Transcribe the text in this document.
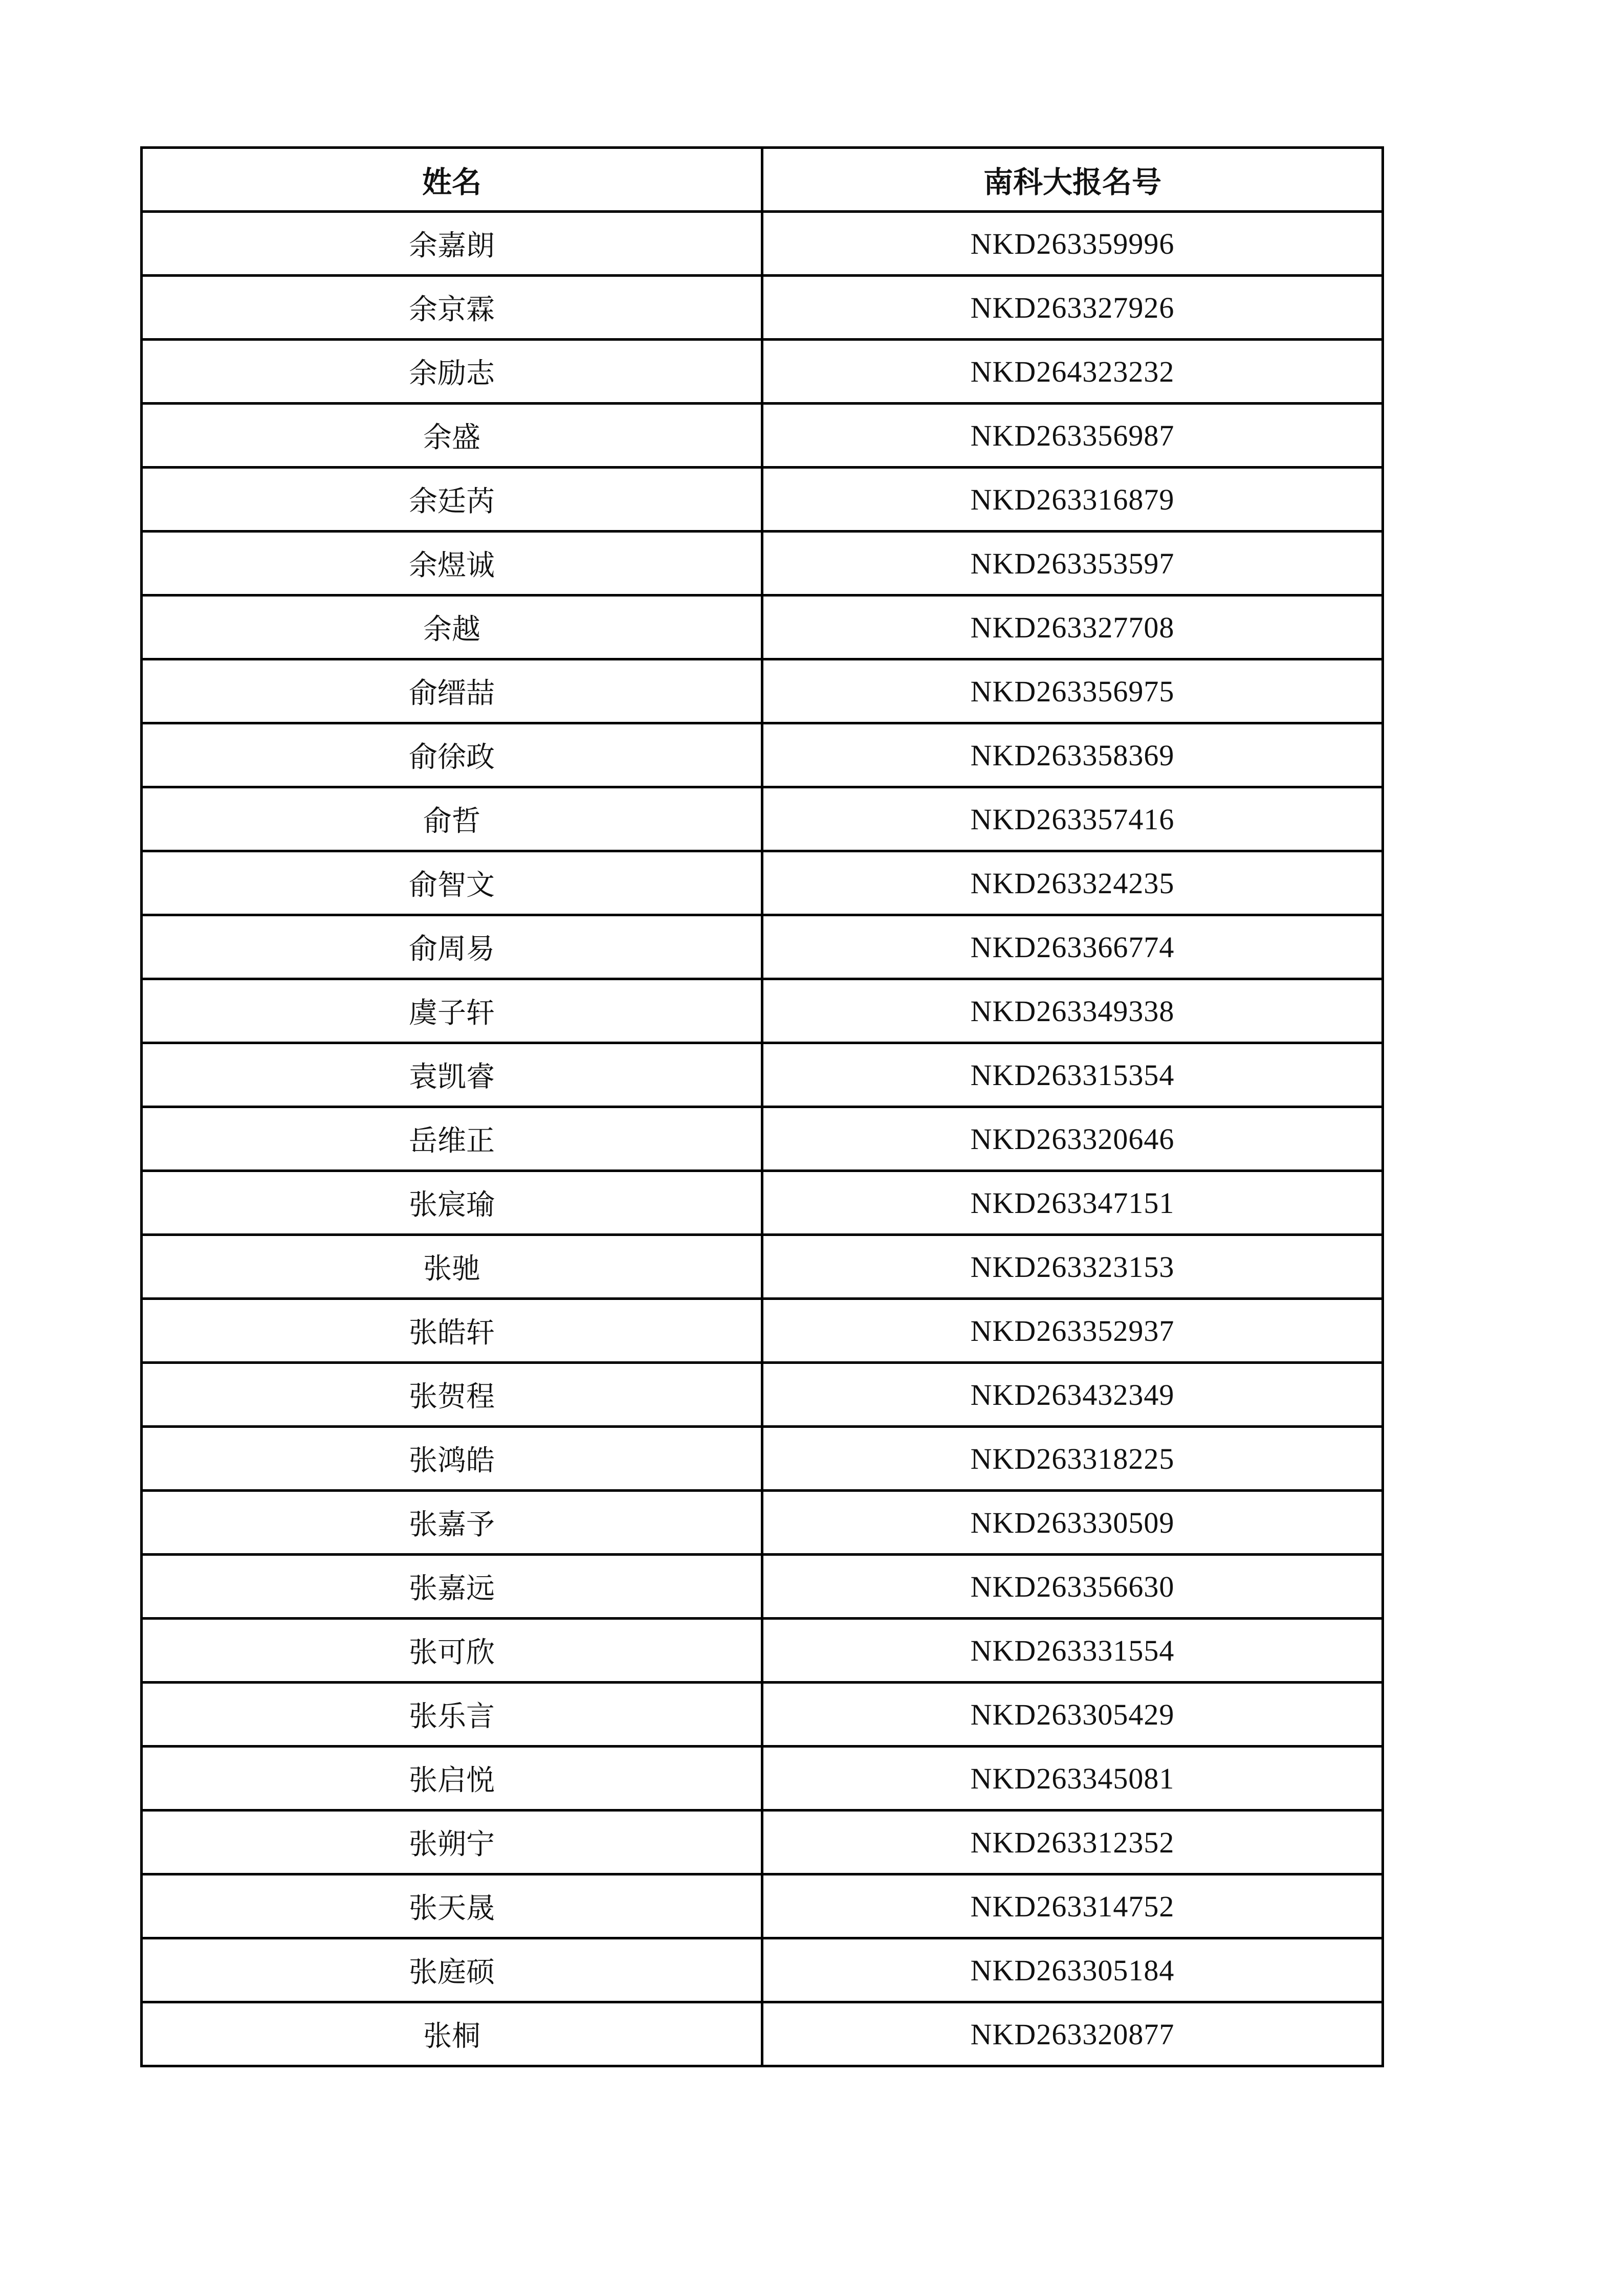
姓名	南科大报名号
余嘉朗	NKD263359996
余京霖	NKD263327926
余励志	NKD264323232
余盛	NKD263356987
余廷芮	NKD263316879
余煜诚	NKD263353597
余越	NKD263327708
俞缙喆	NKD263356975
俞徐政	NKD263358369
俞哲	NKD263357416
俞智文	NKD263324235
俞周易	NKD263366774
虞子轩	NKD263349338
袁凯睿	NKD263315354
岳维正	NKD263320646
张宸瑜	NKD263347151
张驰	NKD263323153
张皓轩	NKD263352937
张贺程	NKD263432349
张鸿皓	NKD263318225
张嘉予	NKD263330509
张嘉远	NKD263356630
张可欣	NKD263331554
张乐言	NKD263305429
张启悦	NKD263345081
张朔宁	NKD263312352
张天晟	NKD263314752
张庭硕	NKD263305184
张桐	NKD263320877
